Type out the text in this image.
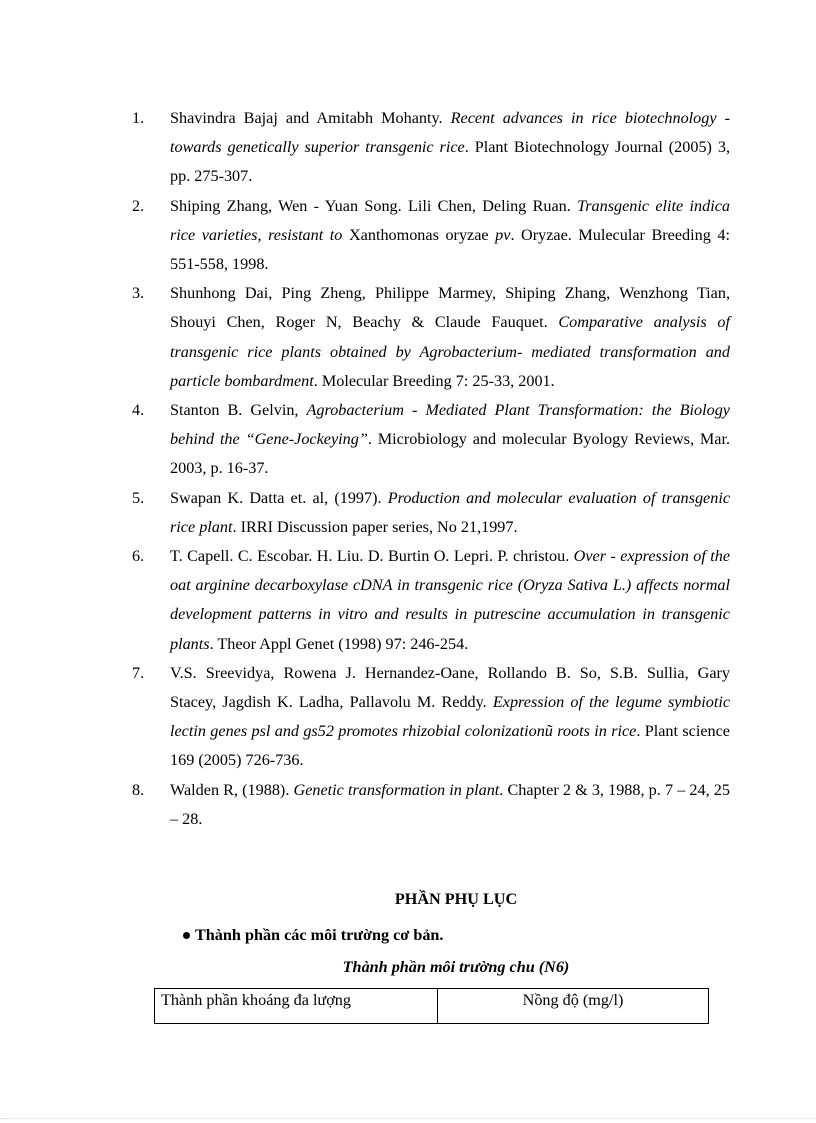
1. Shavindra Bajaj and Amitabh Mohanty. Recent advances in rice biotechnology - towards genetically superior transgenic rice. Plant Biotechnology Journal (2005) 3, pp. 275-307.
2. Shiping Zhang, Wen - Yuan Song. Lili Chen, Deling Ruan. Transgenic elite indica rice varieties, resistant to Xanthomonas oryzae pv. Oryzae. Mulecular Breeding 4: 551-558, 1998.
3. Shunhong Dai, Ping Zheng, Philippe Marmey, Shiping Zhang, Wenzhong Tian, Shouyi Chen, Roger N, Beachy & Claude Fauquet. Comparative analysis of transgenic rice plants obtained by Agrobacterium- mediated transformation and particle bombardment. Molecular Breeding 7: 25-33, 2001.
4. Stanton B. Gelvin, Agrobacterium - Mediated Plant Transformation: the Biology behind the “Gene-Jockeying”. Microbiology and molecular Byology Reviews, Mar. 2003, p. 16-37.
5. Swapan K. Datta et. al, (1997). Production and molecular evaluation of transgenic rice plant. IRRI Discussion paper series, No 21,1997.
6. T. Capell. C. Escobar. H. Liu. D. Burtin O. Lepri. P. christou. Over - expression of the oat arginine decarboxylase cDNA in transgenic rice (Oryza Sativa L.) affects normal development patterns in vitro and results in putrescine accumulation in transgenic plants. Theor Appl Genet (1998) 97: 246-254.
7. V.S. Sreevidya, Rowena J. Hernandez-Oane, Rollando B. So, S.B. Sullia, Gary Stacey, Jagdish K. Ladha, Pallavolu M. Reddy. Expression of the legume symbiotic lectin genes psl and gs52 promotes rhizobial colonizationũ roots in rice. Plant science 169 (2005) 726-736.
8. Walden R, (1988). Genetic transformation in plant. Chapter 2 & 3, 1988, p. 7 – 24, 25 – 28.
PHẦN PHỤ LỤC
Thành phần các môi trường cơ bản.
Thành phần môi trường chu (N6)
Thành phần khoáng đa lượng	Nồng độ (mg/l)
